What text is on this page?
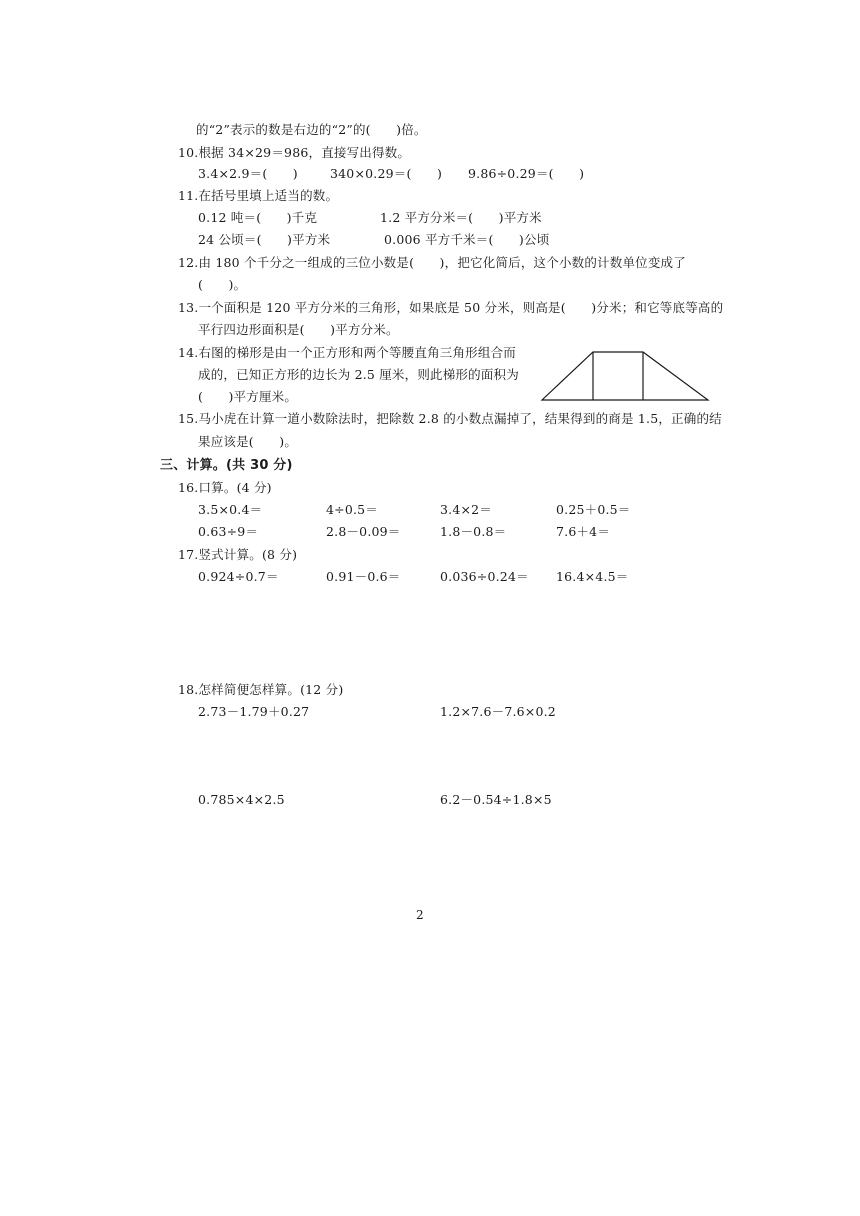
的“2”表示的数是右边的“2”的(　　)倍。
10.根据 34×29＝986，直接写出得数。
3.4×2.9＝(　　)	340×0.29＝(　　) 9.86÷0.29＝(　　)
11.在括号里填上适当的数。
0.12 吨＝(　　)千克	1.2 平方分米＝(　　)平方米
24 公顷＝(　　)平方米	0.006 平方千米＝(　　)公顷
12.由 180 个千分之一组成的三位小数是(　　)，把它化简后，这个小数的计数单位变成了
(　　)。
13.一个面积是 120 平方分米的三角形，如果底是 50 分米，则高是(　　)分米；和它等底等高的
平行四边形面积是(　　)平方分米。
14.右图的梯形是由一个正方形和两个等腰直角三角形组合而
成的，已知正方形的边长为 2.5 厘米，则此梯形的面积为
(　　)平方厘米。
15.马小虎在计算一道小数除法时，把除数 2.8 的小数点漏掉了，结果得到的商是 1.5，正确的结
果应该是(　　)。
三、计算。(共 30 分)
16.口算。(4 分)
3.5×0.4＝	4÷0.5＝	3.4×2＝	0.25＋0.5＝
0.63÷9＝	2.8－0.09＝	1.8－0.8＝	7.6＋4＝
17.竖式计算。(8 分)
0.924÷0.7＝	0.91－0.6＝	0.036÷0.24＝ 16.4×4.5＝
18.怎样简便怎样算。(12 分)
2.73－1.79＋0.27	1.2×7.6－7.6×0.2
0.785×4×2.5	6.2－0.54÷1.8×5
2
